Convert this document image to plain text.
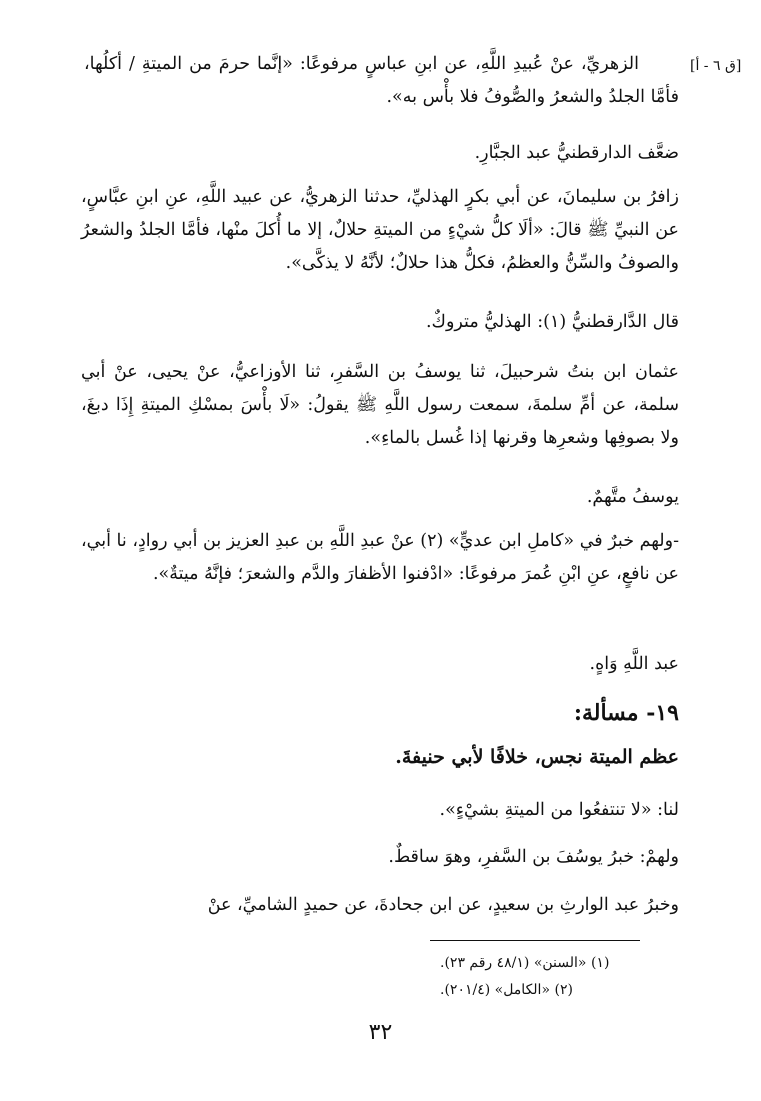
[ق ٦ - أ]
الزهريِّ، عنْ عُبيدِ اللَّهِ، عن ابنِ عباسٍ مرفوعًا: «إنَّما حرمَ من الميتةِ / أكلُها، فأمَّا الجلدُ والشعرُ والصُّوفُ فلا بأْس به».
ضعَّف الدارقطنيُّ عبد الجبَّارِ.
زافرُ بن سليمانَ، عن أبي بكرٍ الهذليِّ، حدثنا الزهريُّ، عن عبيد اللَّهِ، عنِ ابنِ عبَّاسٍ، عن النبيِّ ﷺ قالَ: «ألَا كلُّ شيْءٍ من الميتةِ حلالٌ، إلا ما أُكلَ منْها، فأمَّا الجلدُ والشعرُ والصوفُ والسِّنُّ والعظمُ، فكلُّ هذا حلالٌ؛ لأنَّهُ لا يذكَّى».
قال الدَّارقطنيُّ (١): الهذليُّ متروكٌ.
عثمان ابن بنتُ شرحبيلَ، ثنا يوسفُ بن السَّفرِ، ثنا الأوزاعيُّ، عنْ يحيى، عنْ أبي سلمة، عن أمِّ سلمةَ، سمعت رسول اللَّهِ ﷺ يقولُ: «لَا بأْسَ بمسْكِ الميتةِ إِذَا دبغَ، ولا بصوفِها وشعرِها وقرنها إذا غُسل بالماءِ».
يوسفُ متَّهمٌ.
-ولهم خبرٌ في «كاملِ ابن عديٍّ» (٢) عنْ عبدِ اللَّهِ بن عبدِ العزيز بن أبي روادٍ، نا أبي، عن نافعٍ، عنِ ابْنِ عُمرَ مرفوعًا: «ادْفنوا الأظفارَ والدَّم والشعرَ؛ فإنَّهُ ميتةٌ».
عبد اللَّهِ وَاهٍ.
١٩- مسألة:
عظم الميتة نجس، خلافًا لأبي حنيفةَ.
لنا: «لا تنتفعُوا من الميتةِ بشيْءٍ».
ولهمْ: خبرُ يوسُفَ بن السَّفرِ، وهوَ ساقطٌ.
وخبرُ عبد الوارثِ بن سعيدٍ، عن ابن جحادةَ، عن حميدٍ الشاميِّ، عنْ
(١) «السنن» (٤٨/١ رقم ٢٣).
(٢) «الكامل» (٢٠١/٤).
٣٢
